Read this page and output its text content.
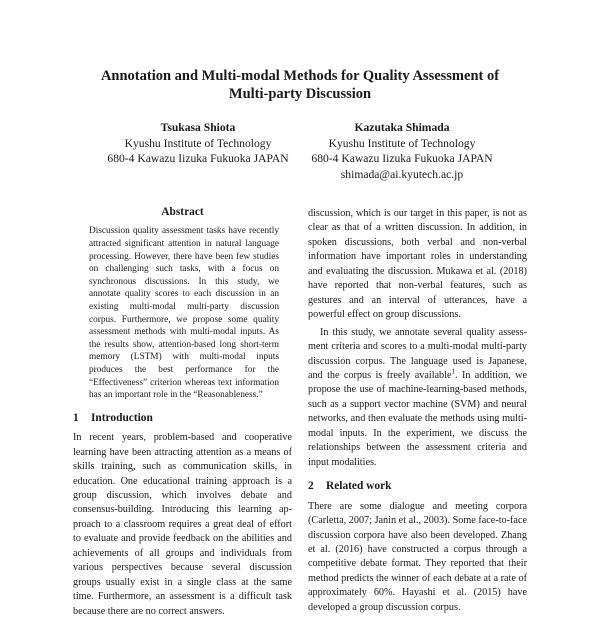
Annotation and Multi-modal Methods for Quality Assessment of
Multi-party Discussion
Tsukasa Shiota
Kyushu Institute of Technology
680-4 Kawazu Iizuka Fukuoka JAPAN
Kazutaka Shimada
Kyushu Institute of Technology
680-4 Kawazu Iizuka Fukuoka JAPAN
shimada@ai.kyutech.ac.jp
Abstract

Discussion quality assessment tasks have recently attracted significant attention in natural language processing. However, there have been few studies on challenging such tasks, with a focus on synchronous discussions. In this study, we annotate quality scores to each discussion in an existing multi-modal multi-party discussion corpus. Furthermore, we propose some quality assessment methods with multi-modal inputs. As the results show, attention-based long short-term memory (LSTM) with multi-modal inputs produces the best performance for the “Effectiveness” criterion whereas text information has an important role in the “Reasonableness.”

1 Introduction

In recent years, problem-based and cooperative learning have been attracting attention as a means of skills training, such as communication skills, in education. One educational training approach is a group discussion, which involves debate and consensus-building. Introducing this learning approach to a classroom requires a great deal of effort to evaluate and provide feedback on the abilities and achievements of all groups and individuals from various perspectives because several discussion groups usually exist in a single class at the same time. Furthermore, an assessment is a difficult task because there are no correct answers.

discussion, which is our target in this paper, is not as clear as that of a written discussion. In addition, in spoken discussions, both verbal and non-verbal information have important roles in understanding and evaluating the discussion. Mukawa et al. (2018) have reported that non-verbal features, such as gestures and an interval of utterances, have a powerful effect on group discussions.

In this study, we annotate several quality assessment criteria and scores to a multi-modal multi-party discussion corpus. The language used is Japanese, and the corpus is freely available$^1$. In addition, we propose the use of machine-learning-based methods, such as a support vector machine (SVM) and neural networks, and then evaluate the methods using multi-modal inputs. In the experiment, we discuss the relationships between the assessment criteria and input modalities.

2 Related work

There are some dialogue and meeting corpora (Carletta, 2007; Janin et al., 2003). Some face-to-face discussion corpora have also been developed. Zhang et al. (2016) have constructed a corpus through a competitive debate format. They reported that their method predicts the winner of each debate at a rate of approximately 60%. Hayashi et al. (2015) have developed a group discussion corpus.
